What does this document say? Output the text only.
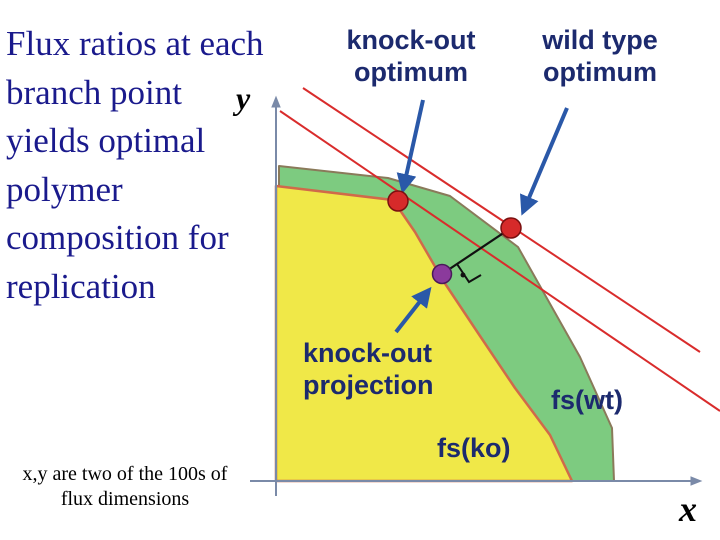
Flux ratios at each branch point yields optimal polymer composition for replication
x,y are two of the 100s of flux dimensions
y
x
knock-out
optimum
wild type
optimum
knock-out
projection	fs(wt)
fs(ko)
